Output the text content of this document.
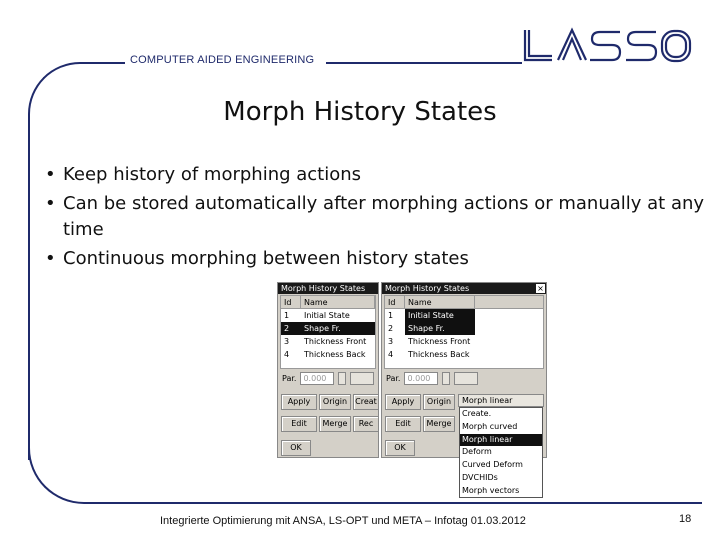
COMPUTER AIDED ENGINEERING
Morph History States
• Keep history of morphing actions
• Can be stored automatically after morphing actions or manually at any time
• Continuous morphing between history states
Morph History States
Id	Name
1	Initial State
2	Shape Fr.
3	Thickness Front
4	Thickness Back
Par. 0.000
Apply	Origin	Creat
Edit	Merge	Rec
OK
Morph History States	×
Id	Name
1	Initial State
2	Shape Fr.
3	Thickness Front
4	Thickness Back
Par. 0.000
Apply	Origin	Morph linear
Edit	Merge
OK
Create.
Morph curved
Morph linear
Deform
Curved Deform
DVCHIDs
Morph vectors
Integrierte Optimierung mit ANSA, LS-OPT und META – Infotag 01.03.2012	18
